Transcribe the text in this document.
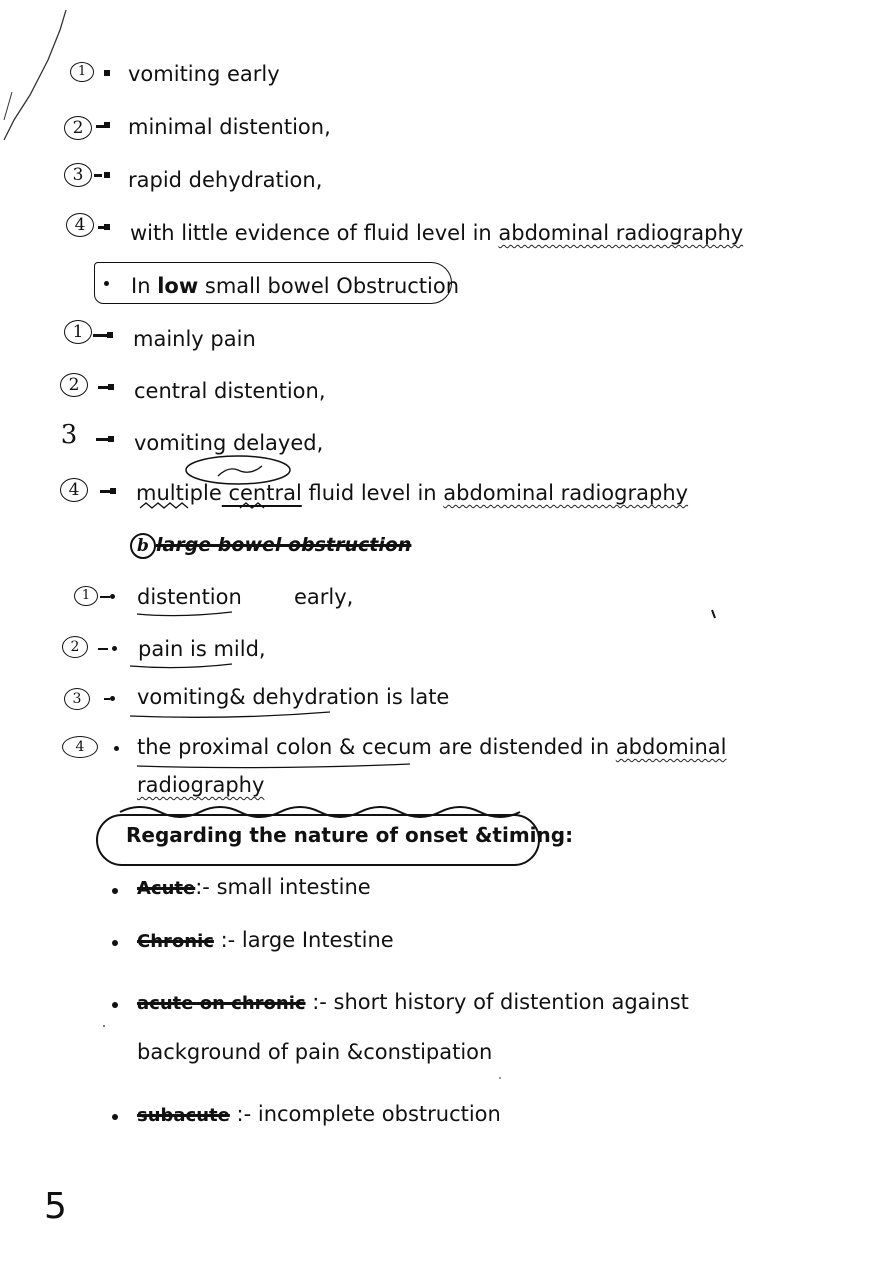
1	vomiting early
2	minimal distention,
3	rapid dehydration,
4	with little evidence of fluid level in abdominal radiography
In low small bowel Obstruction
1	mainly pain
2	central distention,
3	vomiting delayed,
4	multiple central fluid level in abdominal radiography
b large bowel obstruction
1	distention early,
2	pain is mild,
3	vomiting& dehydration is late
4	the proximal colon & cecum are distended in abdominal
radiography
Regarding the nature of onset &timing:
Acute:- small intestine
Chronic :- large Intestine
acute on chronic :- short history of distention against
background of pain &constipation
subacute :- incomplete obstruction
5
